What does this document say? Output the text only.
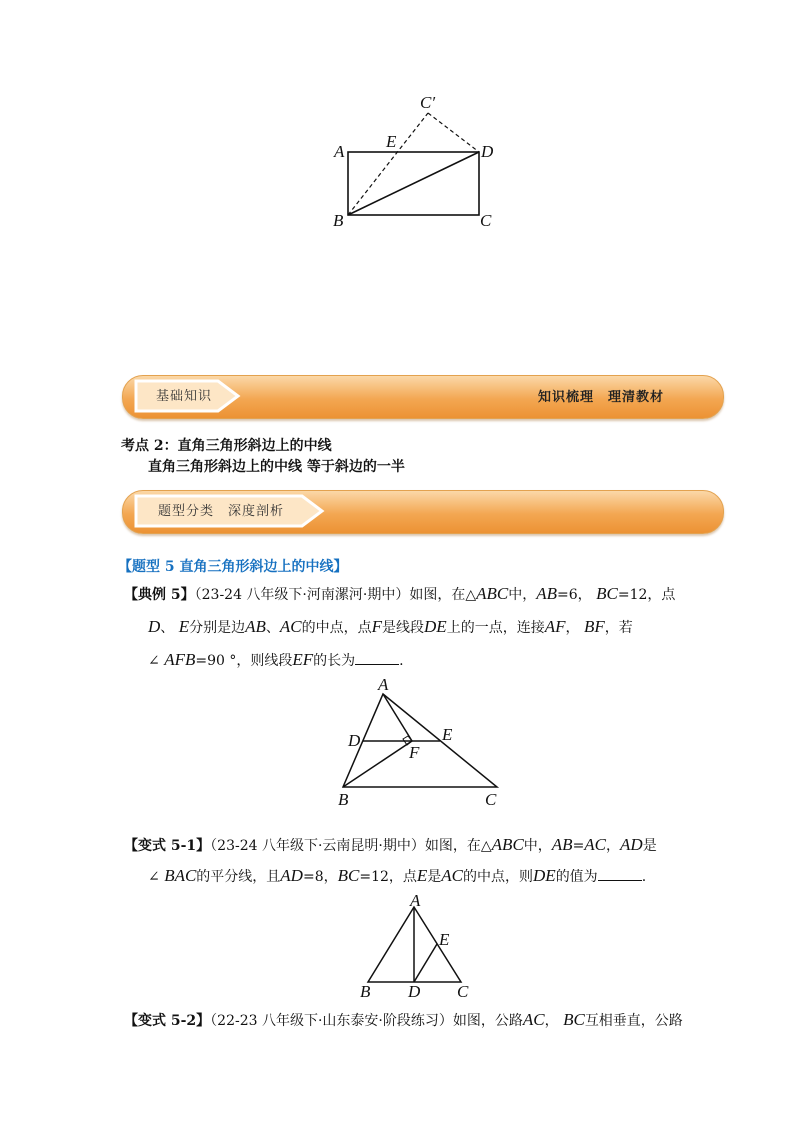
C′
A
E
D
B	C
基础知识	知识梳理　理清教材
考点 2：直角三角形斜边上的中线
直角三角形斜边上的中线 等于斜边的一半
题型分类　深度剖析
【题型 5 直角三角形斜边上的中线】
【典例 5】（23-24 八年级下·河南漯河·期中）如图，在△ABC中，AB=6， BC=12，点
D、 E分别是边AB、AC的中点，点F是线段DE上的一点，连接AF， BF，若
∠ AFB=90 °，则线段EF的长为	.
A
D	E
F
B	C
【变式 5-1】（23-24 八年级下·云南昆明·期中）如图，在△ABC中，AB=AC，AD是
∠ BAC的平分线，且AD=8，BC=12，点E是AC的中点，则DE的值为	.
A
E
B D C
【变式 5-2】（22-23 八年级下·山东泰安·阶段练习）如图，公路AC， BC互相垂直，公路
